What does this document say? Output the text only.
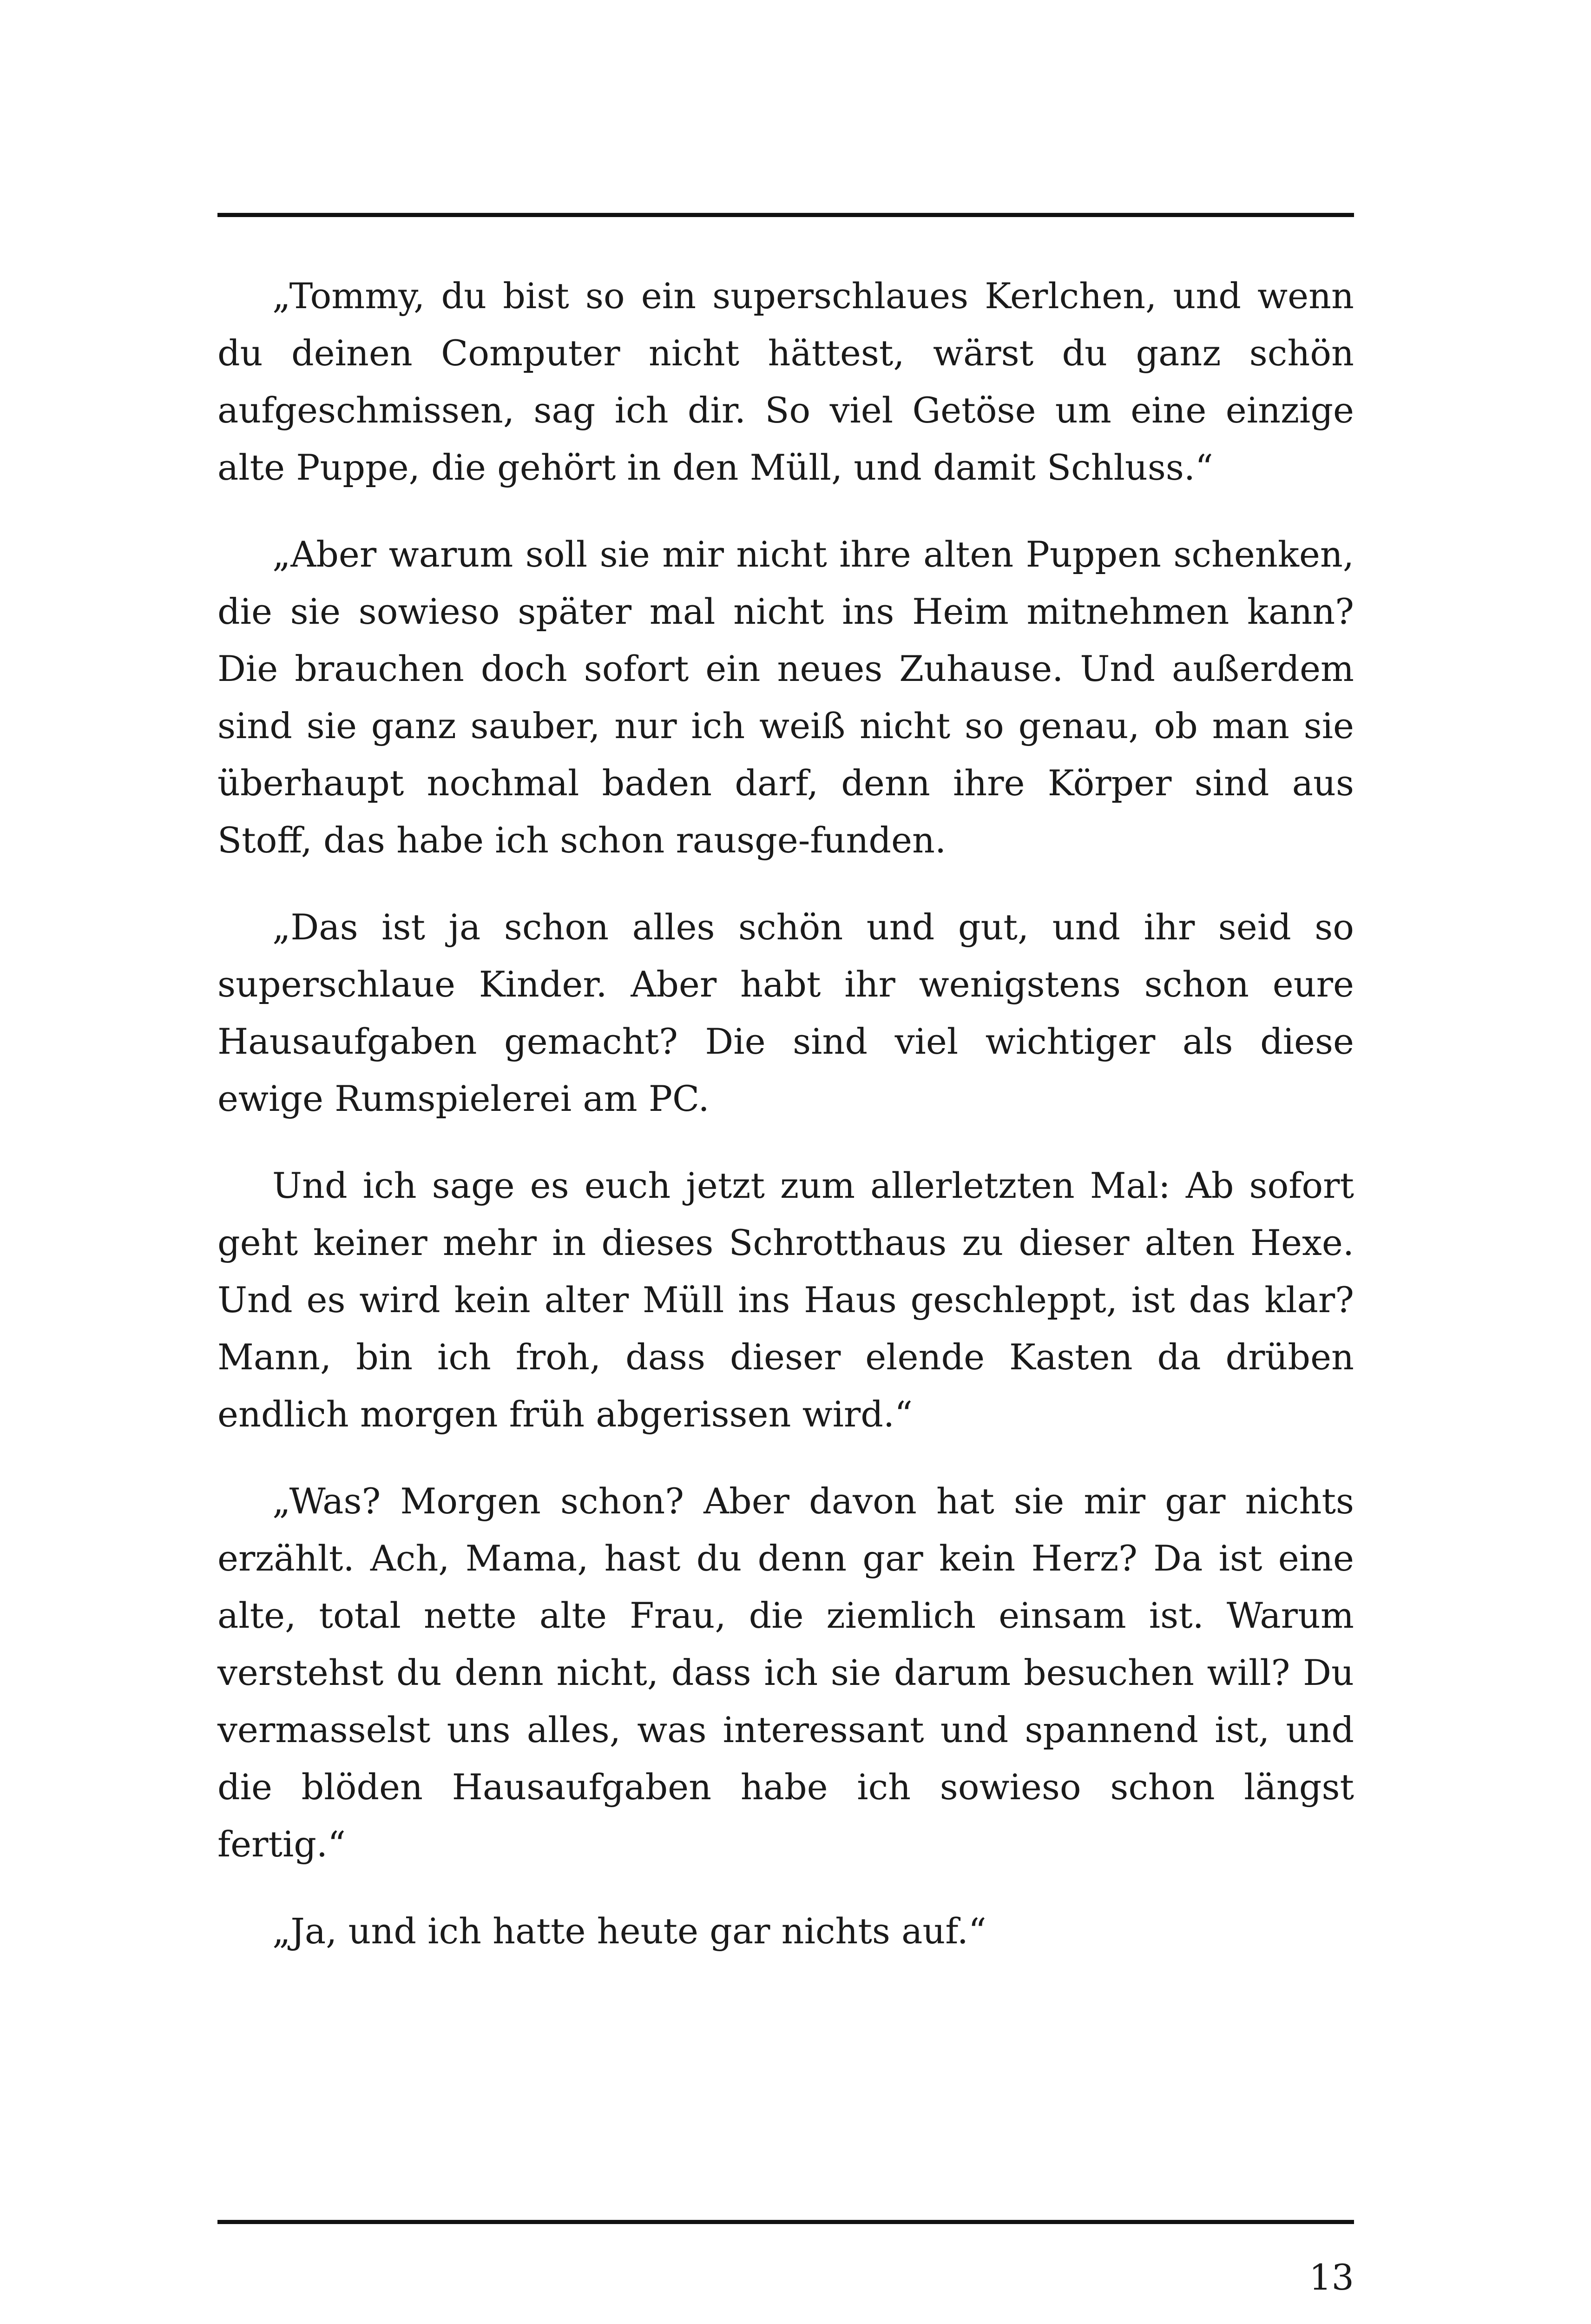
„Tommy, du bist so ein superschlaues Kerlchen, und wenn du deinen Computer nicht hättest, wärst du ganz schön aufgeschmissen, sag ich dir. So viel Getöse um eine einzige alte Puppe, die gehört in den Müll, und damit Schluss.“

„Aber warum soll sie mir nicht ihre alten Puppen schenken, die sie sowieso später mal nicht ins Heim mitnehmen kann? Die brauchen doch sofort ein neues Zuhause. Und außerdem sind sie ganz sauber, nur ich weiß nicht so genau, ob man sie überhaupt nochmal baden darf, denn ihre Körper sind aus Stoff, das habe ich schon rausge-funden.

„Das ist ja schon alles schön und gut, und ihr seid so superschlaue Kinder. Aber habt ihr wenigstens schon eure Hausaufgaben gemacht? Die sind viel wichtiger als diese ewige Rumspielerei am PC.

Und ich sage es euch jetzt zum allerletzten Mal: Ab sofort geht keiner mehr in dieses Schrotthaus zu dieser alten Hexe. Und es wird kein alter Müll ins Haus geschleppt, ist das klar? Mann, bin ich froh, dass dieser elende Kasten da drüben endlich morgen früh abgerissen wird.“

„Was? Morgen schon? Aber davon hat sie mir gar nichts erzählt. Ach, Mama, hast du denn gar kein Herz? Da ist eine alte, total nette alte Frau, die ziemlich einsam ist. Warum verstehst du denn nicht, dass ich sie darum besuchen will? Du vermasselst uns alles, was interessant und spannend ist, und die blöden Hausaufgaben habe ich sowieso schon längst fertig.“

„Ja, und ich hatte heute gar nichts auf.“

13
